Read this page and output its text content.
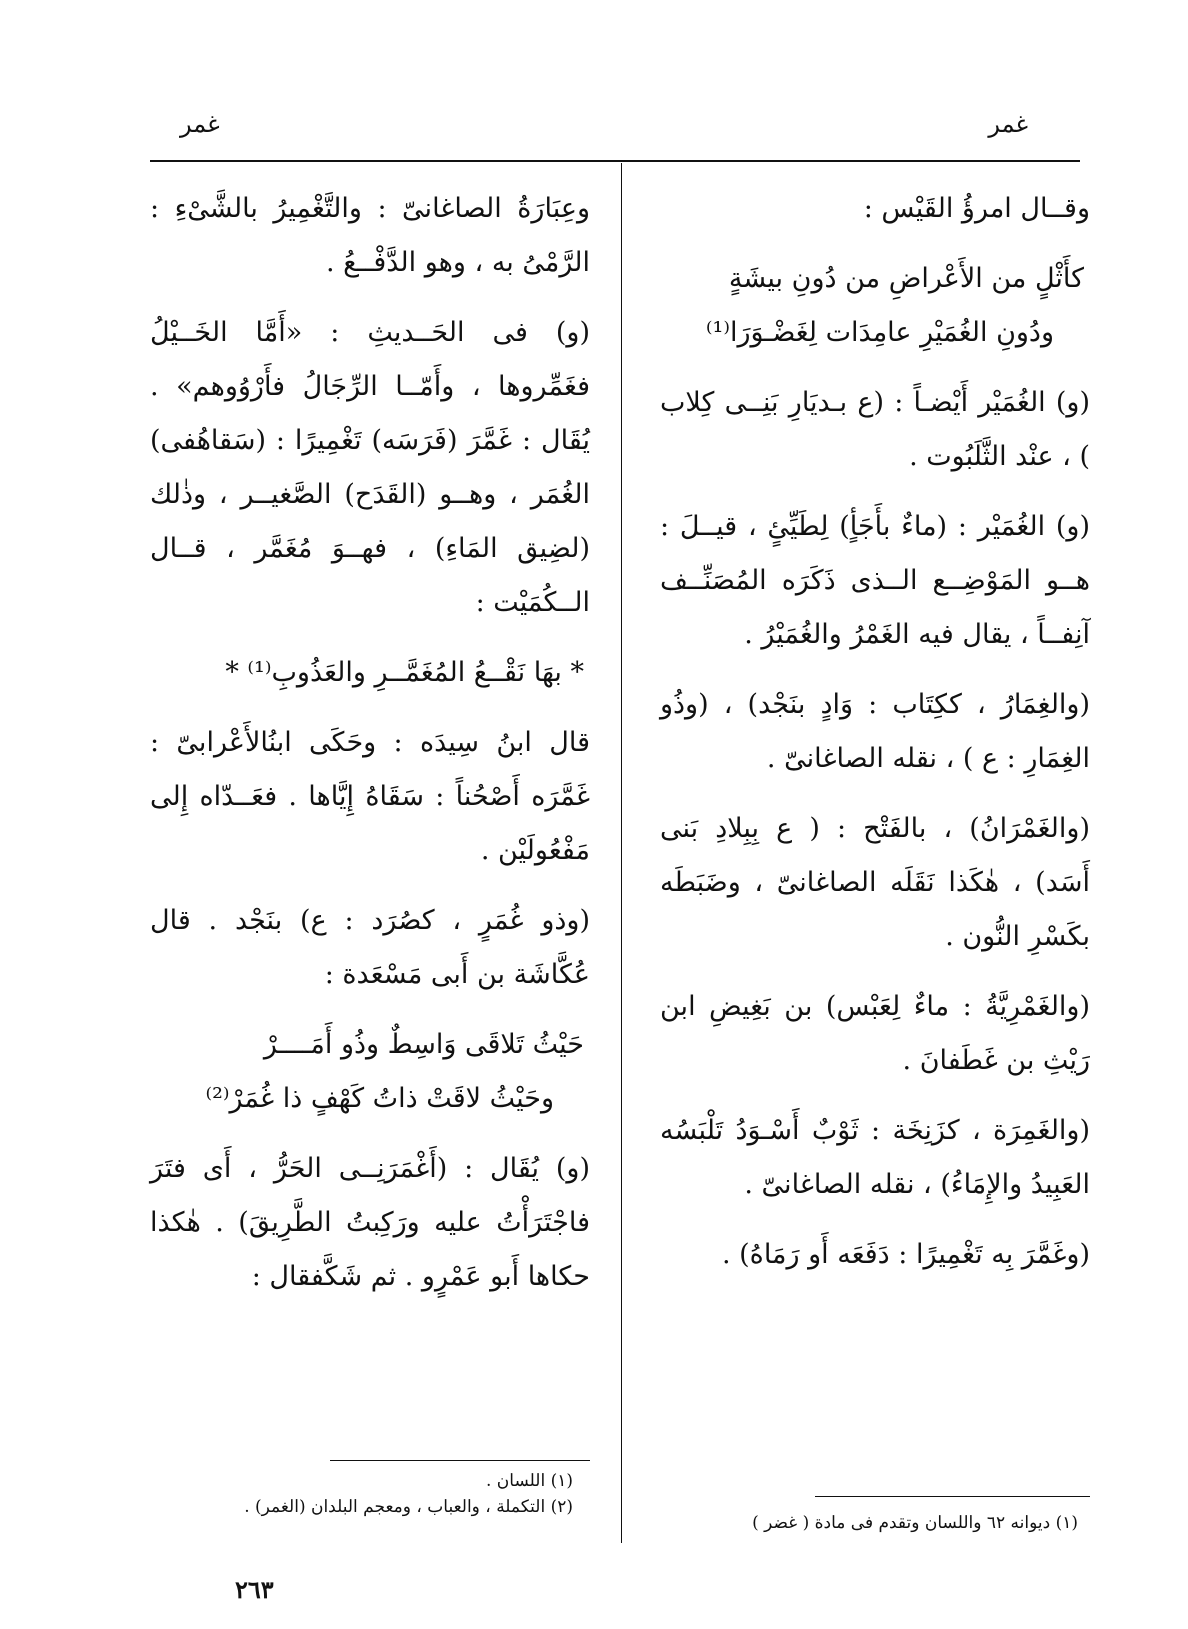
غمر
غمر

وقــال امرؤُ القَيْس :

كأَثْلٍ من الأَعْراضِ من دُونِ بيشَةٍ
ودُونِ الغُمَيْرِ عامِدَات لِغَضْـوَرَا⁽¹⁾

(و) الغُمَيْر أَيْضـاً : (ع بـديَارِ بَنِــى كِلاب ) ، عنْد الثَّلَبُوت .

(و) الغُمَيْر : (ماءٌ بأَجَأٍ) لِطَيِّئٍ ، قيــلَ : هــو المَوْضِــع الــذى ذَكَرَه المُصَنِّــف آنِفــاً ، يقال فيه الغَمْرُ والغُمَيْرُ .

(والغِمَارُ ، ككِتَاب : وَادٍ بنَجْد) ، (وذُو الغِمَارِ : ع ) ، نقله الصاغانىّ .

(والغَمْرَانُ) ، بالفَتْح : ( ع بِبِلادِ بَنى أَسَد) ، هٰكَذا نَقَلَه الصاغانىّ ، وضَبَطَه بكَسْرِ النُّون .

(والغَمْرِيَّةُ : ماءٌ لِعَبْس) بن بَغِيضِ ابن رَيْثِ بن غَطَفانَ .

(والغَمِرَة ، كزَنِخَة : ثَوْبٌ أَسْـوَدُ تَلْبَسُه العَبِيدُ والإِمَاءُ) ، نقله الصاغانىّ .

(وغَمَّرَ بِه تَغْمِيرًا : دَفَعَه أَو رَمَاهُ) .

وعِبَارَةُ الصاغانىّ : والتَّغْمِيرُ بالشَّىْءِ : الرَّمْىُ به ، وهو الدَّفْــعُ .

(و) فى الحَــديثِ : «أَمَّا الخَــيْلُ فغَمِّروها ، وأَمّــا الرِّجَالُ فأَرْوُوهم» . يُقَال : غَمَّرَ (فَرَسَه) تَغْمِيرًا : (سَقاهُفى) الغُمَر ، وهــو (القَدَح) الصَّغيــر ، وذٰلك (لضِيق المَاءِ) ، فهــوَ مُغَمَّر ، قــال الــكُمَيْت :

* بهَا نَقْــعُ المُغَمَّــرِ والعَذُوبِ⁽¹⁾ *

قال ابنُ سِيدَه : وحَكَى ابنُالأَعْرابىّ : غَمَّرَه أَصْحُناً : سَقَاهُ إِيَّاها . فعَــدّاه إِلى مَفْعُولَيْن .

(وذو غُمَرٍ ، كصُرَد : ع) بنَجْد . قال عُكَّاشَة بن أَبى مَسْعَدة :

حَيْثُ تَلاقَى وَاسِطٌ وذُو أَمَــــرْ
وحَيْثُ لاقَتْ ذاتُ كَهْفٍ ذا غُمَرْ⁽²⁾

(و) يُقَال : (أَغْمَرَنِــى الحَرُّ ، أَى فتَرَ فاجْتَرَأْتُ عليه ورَكِبتُ الطَّرِيقَ) . هٰكذا حكاها أَبو عَمْرٍو . ثم شَكَّفقال :

(١) اللسان .
(٢) التكملة ، والعباب ، ومعجم البلدان (الغمر) .
(١) ديوانه ٦٢ واللسان وتقدم فى مادة ( غضر )
٢٦٣
